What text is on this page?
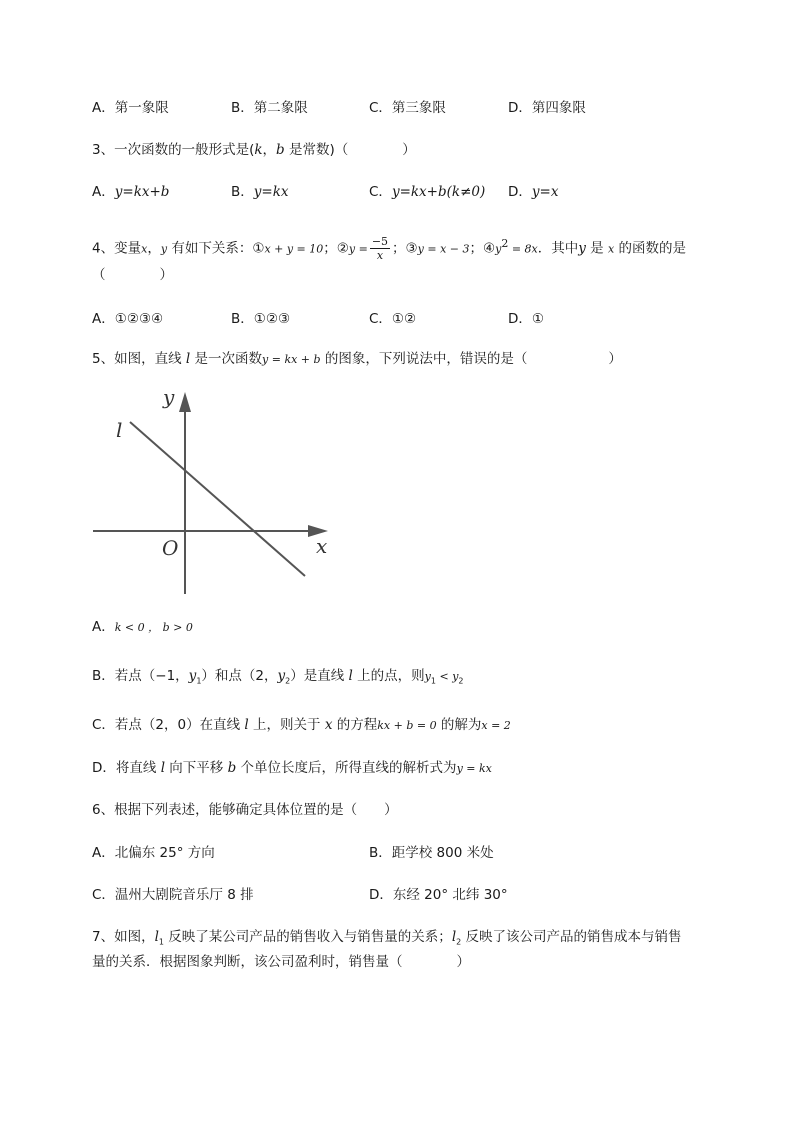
A．第一象限	B．第二象限	C．第三象限	D．第四象限
3、一次函数的一般形式是(k，b 是常数)（　　　　）
A．y=kx+b	B．y=kx	C．y=kx+b(k≠0) D．y=x
4、变量x，y 有如下关系：①x + y = 10；②y = $\frac{-5}{x}$ ；③y = x − 3；$④y^2 = 8x$．其中y 是 x 的函数的是
（　　　　）
A．①②③④	B．①②③	C．①②	D．①
5、如图，直线 l 是一次函数y = kx + b 的图象，下列说法中，错误的是（　　　　　　）
y
x
O
l
A．k < 0 ， b > 0
B．若点（−1，$y_1$）和点（2，$y_2$）是直线 l 上的点，则$y_1 < y_2$
C．若点（2，0）在直线 l 上，则关于 x 的方程kx + b = 0 的解为x = 2
D．将直线 l 向下平移 b 个单位长度后，所得直线的解析式为y = kx
6、根据下列表述，能够确定具体位置的是（　　）
A．北偏东 25° 方向	B．距学校 800 米处
C．温州大剧院音乐厅 8 排	D．东经 20° 北纬 30°
7、如图，$l_1$ 反映了某公司产品的销售收入与销售量的关系；$l_2$ 反映了该公司产品的销售成本与销售
量的关系．根据图象判断，该公司盈利时，销售量（　　　　）
